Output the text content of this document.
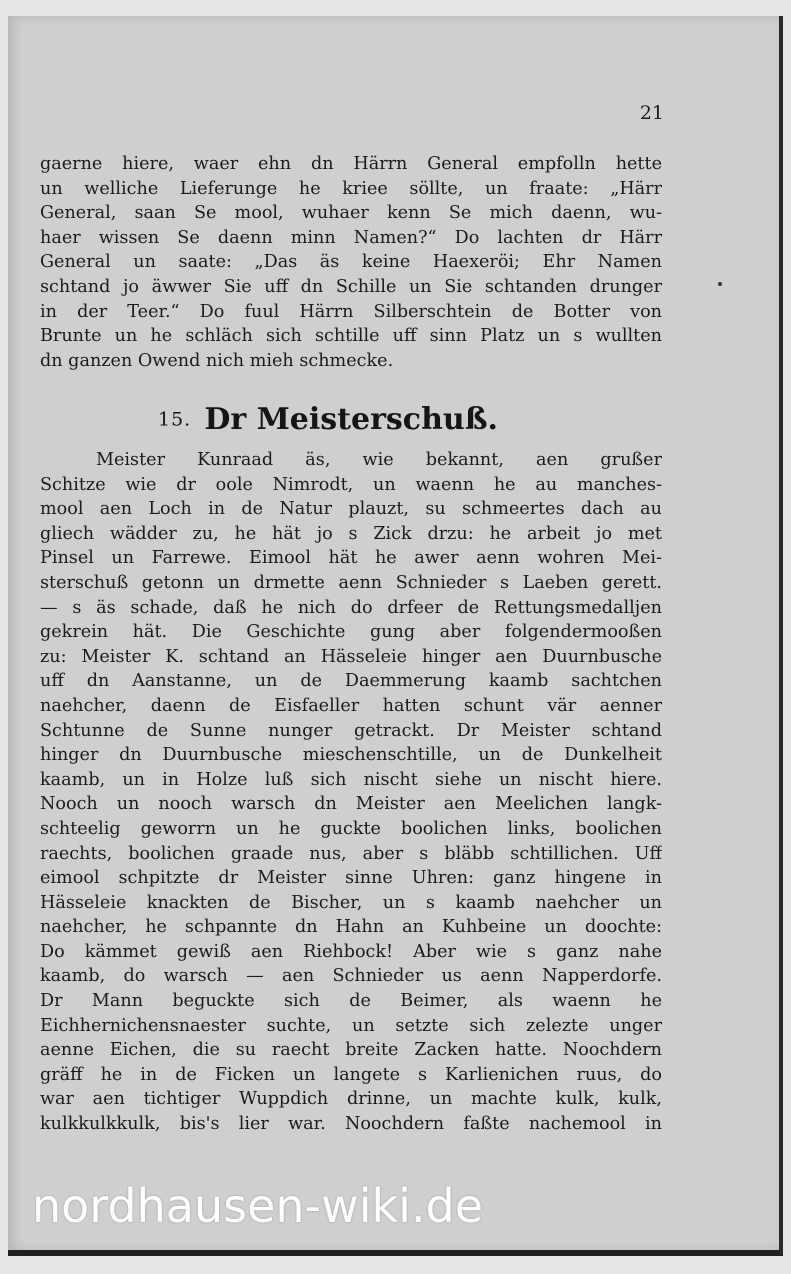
21
gaerne hiere, waer ehn dn Härrn General empfolln hette
un welliche Lieferunge he kriee söllte, un fraate: „Härr
General, saan Se mool, wuhaer kenn Se mich daenn, wu-
haer wissen Se daenn minn Namen?“ Do lachten dr Härr
General un saate: „Das äs keine Haexeröi; Ehr Namen
schtand jo äwwer Sie uff dn Schille un Sie schtanden drunger
in der Teer.“ Do fuul Härrn Silberschtein de Botter von
Brunte un he schläch sich schtille uff sinn Platz un s wullten
dn ganzen Owend nich mieh schmecke.
15. Dr Meisterschuß.
Meister Kunraad äs, wie bekannt, aen grußer
Schitze wie dr oole Nimrodt, un waenn he au manches-
mool aen Loch in de Natur plauzt, su schmeertes dach au
gliech wädder zu, he hät jo s Zick drzu: he arbeit jo met
Pinsel un Farrewe. Eimool hät he awer aenn wohren Mei-
sterschuß getonn un drmette aenn Schnieder s Laeben gerett.
— s äs schade, daß he nich do drfeer de Rettungsmedalljen
gekrein hät. Die Geschichte gung aber folgendermooßen
zu: Meister K. schtand an Hässeleie hinger aen Duurnbusche
uff dn Aanstanne, un de Daemmerung kaamb sachtchen
naehcher, daenn de Eisfaeller hatten schunt vär aenner
Schtunne de Sunne nunger getrackt. Dr Meister schtand
hinger dn Duurnbusche mieschenschtille, un de Dunkelheit
kaamb, un in Holze luß sich nischt siehe un nischt hiere.
Nooch un nooch warsch dn Meister aen Meelichen langk-
schteelig geworrn un he guckte boolichen links, boolichen
raechts, boolichen graade nus, aber s bläbb schtillichen. Uff
eimool schpitzte dr Meister sinne Uhren: ganz hingene in
Hässeleie knackten de Bischer, un s kaamb naehcher un
naehcher, he schpannte dn Hahn an Kuhbeine un doochte:
Do kämmet gewiß aen Riehbock! Aber wie s ganz nahe
kaamb, do warsch — aen Schnieder us aenn Napperdorfe.
Dr Mann beguckte sich de Beimer, als waenn he
Eichhernichensnaester suchte, un setzte sich zelezte unger
aenne Eichen, die su raecht breite Zacken hatte. Noochdern
gräff he in de Ficken un langete s Karlienichen ruus, do
war aen tichtiger Wuppdich drinne, un machte kulk, kulk,
kulkkulkkulk, bis's lier war. Noochdern faßte nachemool in
nordhausen-wiki.de
